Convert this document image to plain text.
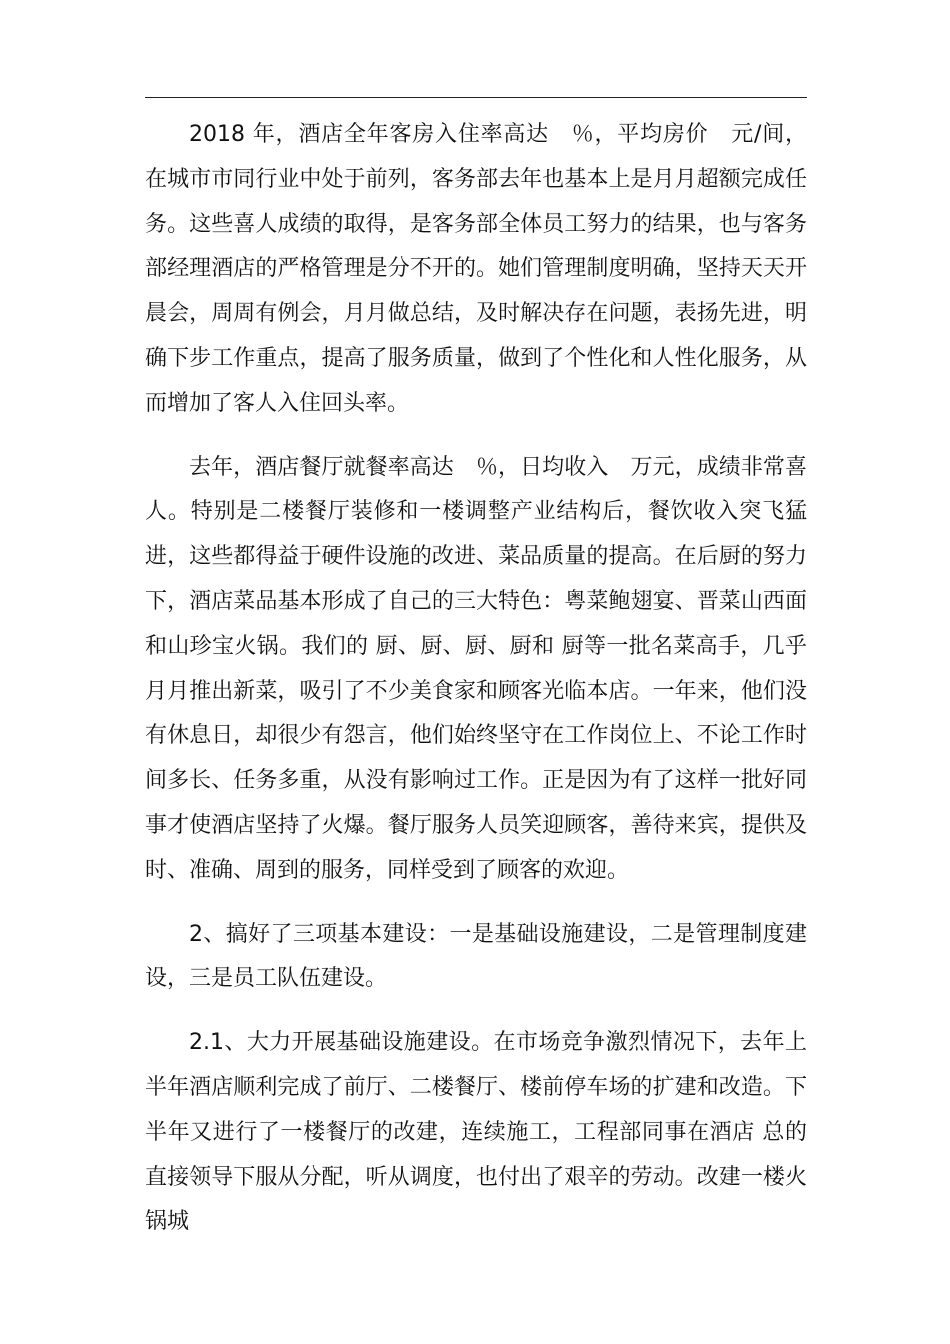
2018 年，酒店全年客房入住率高达　％，平均房价　元/间，在城市市同行业中处于前列，客务部去年也基本上是月月超额完成任务。这些喜人成绩的取得，是客务部全体员工努力的结果，也与客务部经理酒店的严格管理是分不开的。她们管理制度明确，坚持天天开晨会，周周有例会，月月做总结，及时解决存在问题，表扬先进，明确下步工作重点，提高了服务质量，做到了个性化和人性化服务，从而增加了客人入住回头率。

去年，酒店餐厅就餐率高达　％，日均收入　万元，成绩非常喜人。特别是二楼餐厅装修和一楼调整产业结构后，餐饮收入突飞猛进，这些都得益于硬件设施的改进、菜品质量的提高。在后厨的努力下，酒店菜品基本形成了自己的三大特色：粤菜鲍翅宴、晋菜山西面和山珍宝火锅。我们的 厨、厨、厨、厨和 厨等一批名菜高手，几乎月月推出新菜，吸引了不少美食家和顾客光临本店。一年来，他们没有休息日，却很少有怨言，他们始终坚守在工作岗位上、不论工作时间多长、任务多重，从没有影响过工作。正是因为有了这样一批好同事才使酒店坚持了火爆。餐厅服务人员笑迎顾客，善待来宾，提供及时、准确、周到的服务，同样受到了顾客的欢迎。

2、搞好了三项基本建设：一是基础设施建设，二是管理制度建设，三是员工队伍建设。

2.1、大力开展基础设施建设。在市场竞争激烈情况下，去年上半年酒店顺利完成了前厅、二楼餐厅、楼前停车场的扩建和改造。下半年又进行了一楼餐厅的改建，连续施工，工程部同事在酒店 总的直接领导下服从分配，听从调度，也付出了艰辛的劳动。改建一楼火锅城
